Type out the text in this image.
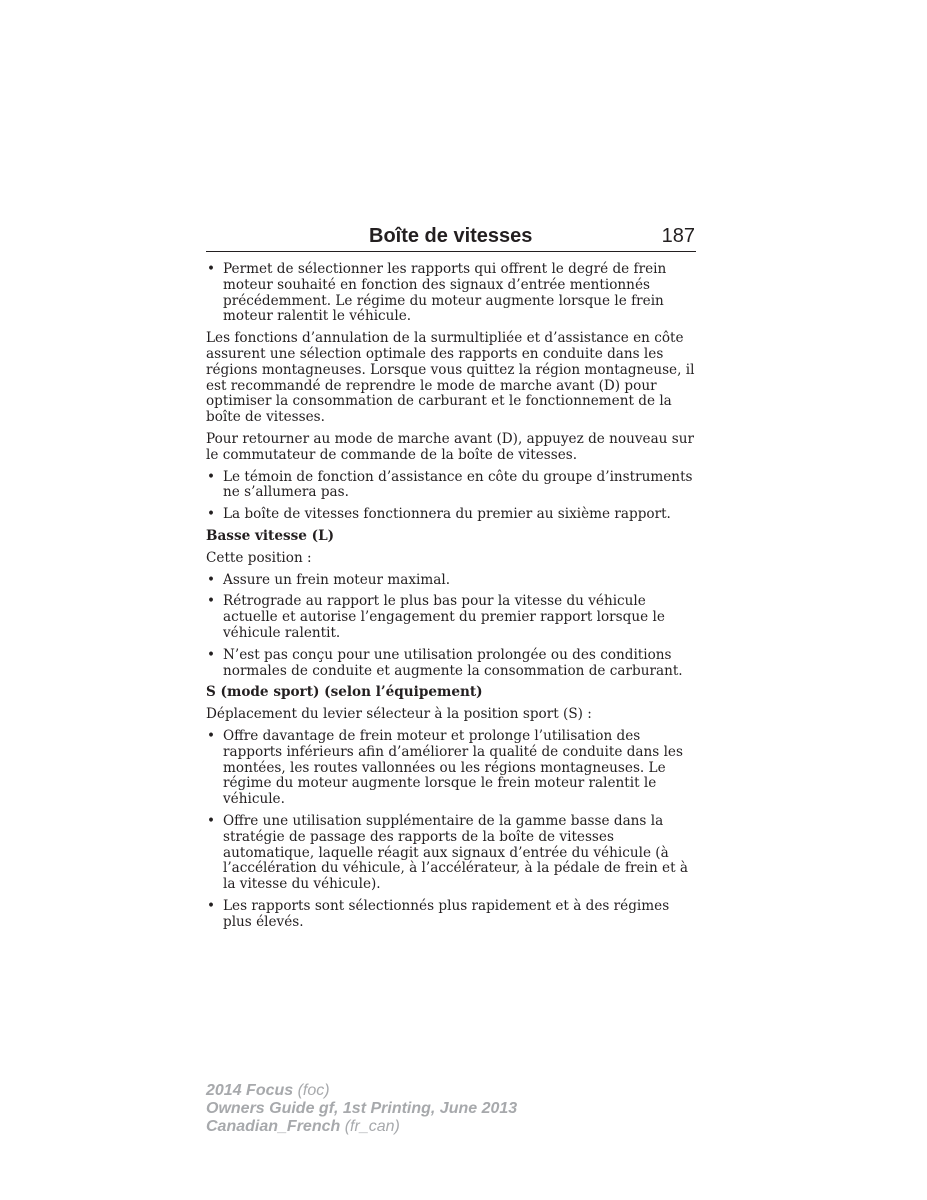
Boîte de vitesses	187
• Permet de sélectionner les rapports qui offrent le degré de frein moteur souhaité en fonction des signaux d’entrée mentionnés précédemment. Le régime du moteur augmente lorsque le frein moteur ralentit le véhicule.

Les fonctions d’annulation de la surmultipliée et d’assistance en côte assurent une sélection optimale des rapports en conduite dans les régions montagneuses. Lorsque vous quittez la région montagneuse, il est recommandé de reprendre le mode de marche avant (D) pour optimiser la consommation de carburant et le fonctionnement de la boîte de vitesses.

Pour retourner au mode de marche avant (D), appuyez de nouveau sur le commutateur de commande de la boîte de vitesses.

• Le témoin de fonction d’assistance en côte du groupe d’instruments ne s’allumera pas.
• La boîte de vitesses fonctionnera du premier au sixième rapport.
Basse vitesse (L)

Cette position :

• Assure un frein moteur maximal.
• Rétrograde au rapport le plus bas pour la vitesse du véhicule actuelle et autorise l’engagement du premier rapport lorsque le véhicule ralentit.
• N’est pas conçu pour une utilisation prolongée ou des conditions normales de conduite et augmente la consommation de carburant.
S (mode sport) (selon l’équipement)

Déplacement du levier sélecteur à la position sport (S) :

• Offre davantage de frein moteur et prolonge l’utilisation des rapports inférieurs afin d’améliorer la qualité de conduite dans les montées, les routes vallonnées ou les régions montagneuses. Le régime du moteur augmente lorsque le frein moteur ralentit le véhicule.
• Offre une utilisation supplémentaire de la gamme basse dans la stratégie de passage des rapports de la boîte de vitesses automatique, laquelle réagit aux signaux d’entrée du véhicule (à l’accélération du véhicule, à l’accélérateur, à la pédale de frein et à la vitesse du véhicule).
• Les rapports sont sélectionnés plus rapidement et à des régimes plus élevés.
2014 Focus (foc)
Owners Guide gf, 1st Printing, June 2013
Canadian_French (fr_can)
